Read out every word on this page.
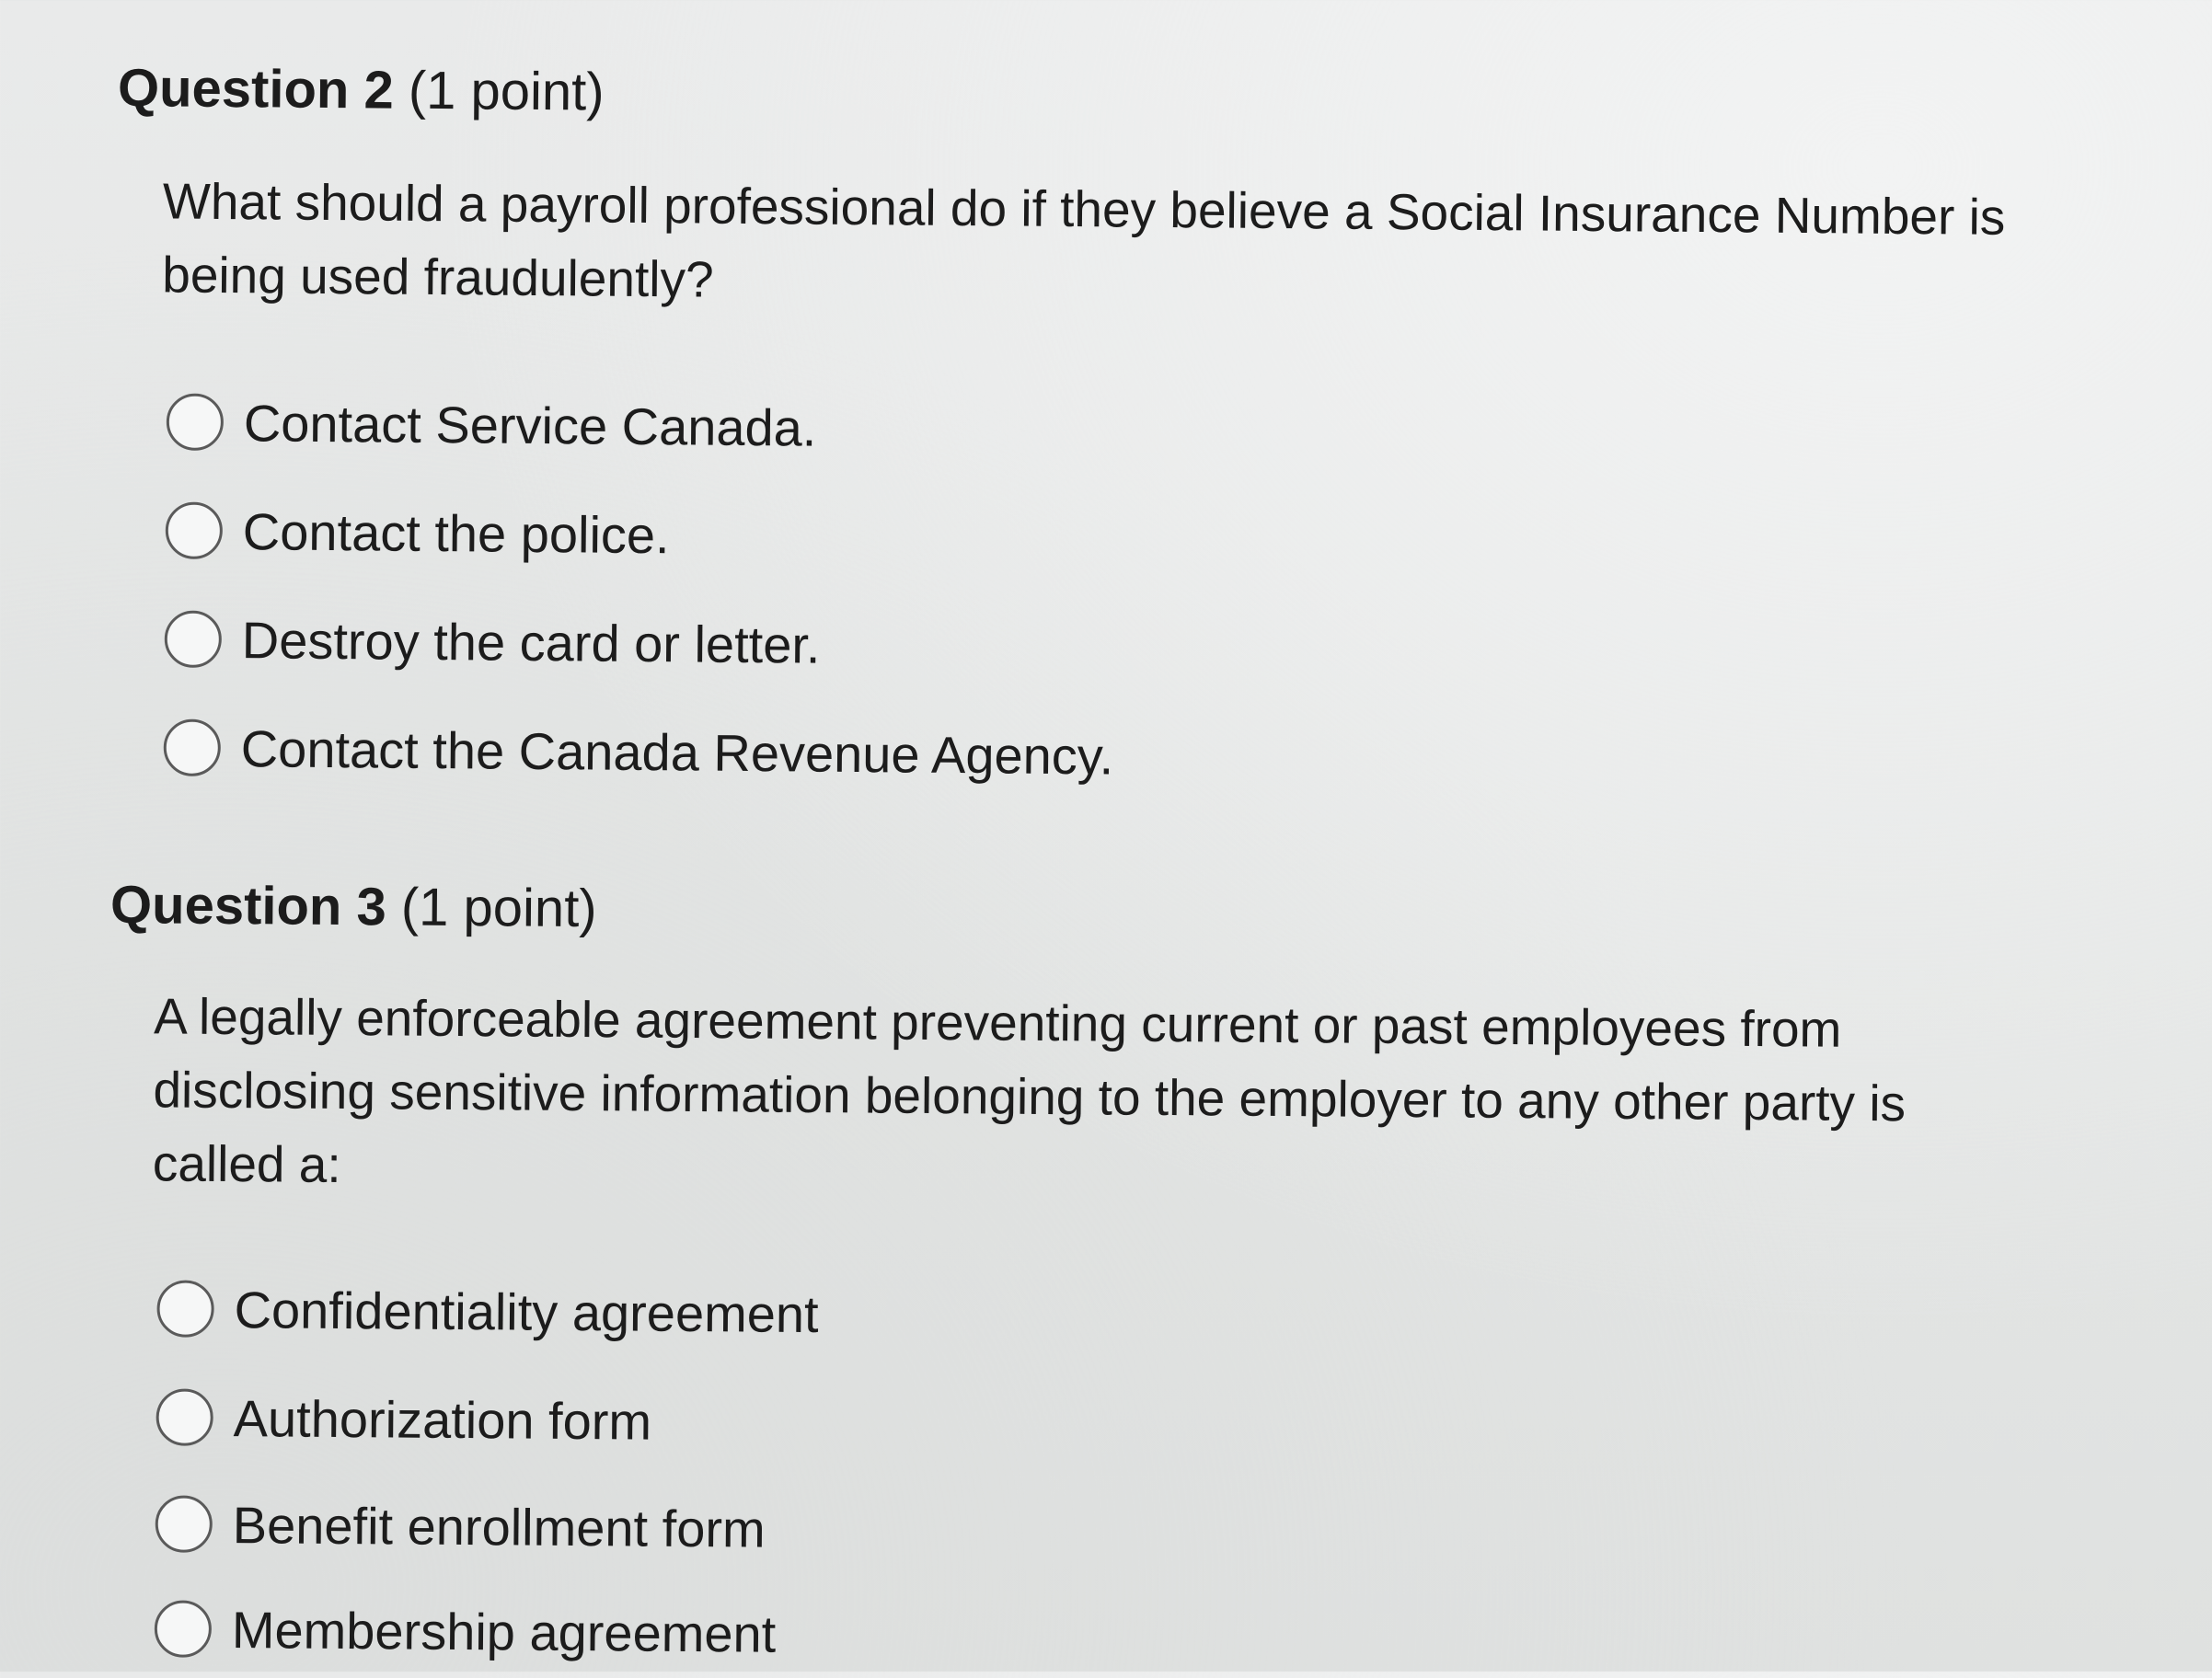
Question 2 (1 point)
What should a payroll professional do if they believe a Social Insurance Number is
being used fraudulently?
Contact Service Canada.
Contact the police.
Destroy the card or letter.
Contact the Canada Revenue Agency.
Question 3 (1 point)
A legally enforceable agreement preventing current or past employees from
disclosing sensitive information belonging to the employer to any other party is
called a:
Confidentiality agreement
Authorization form
Benefit enrollment form
Membership agreement
